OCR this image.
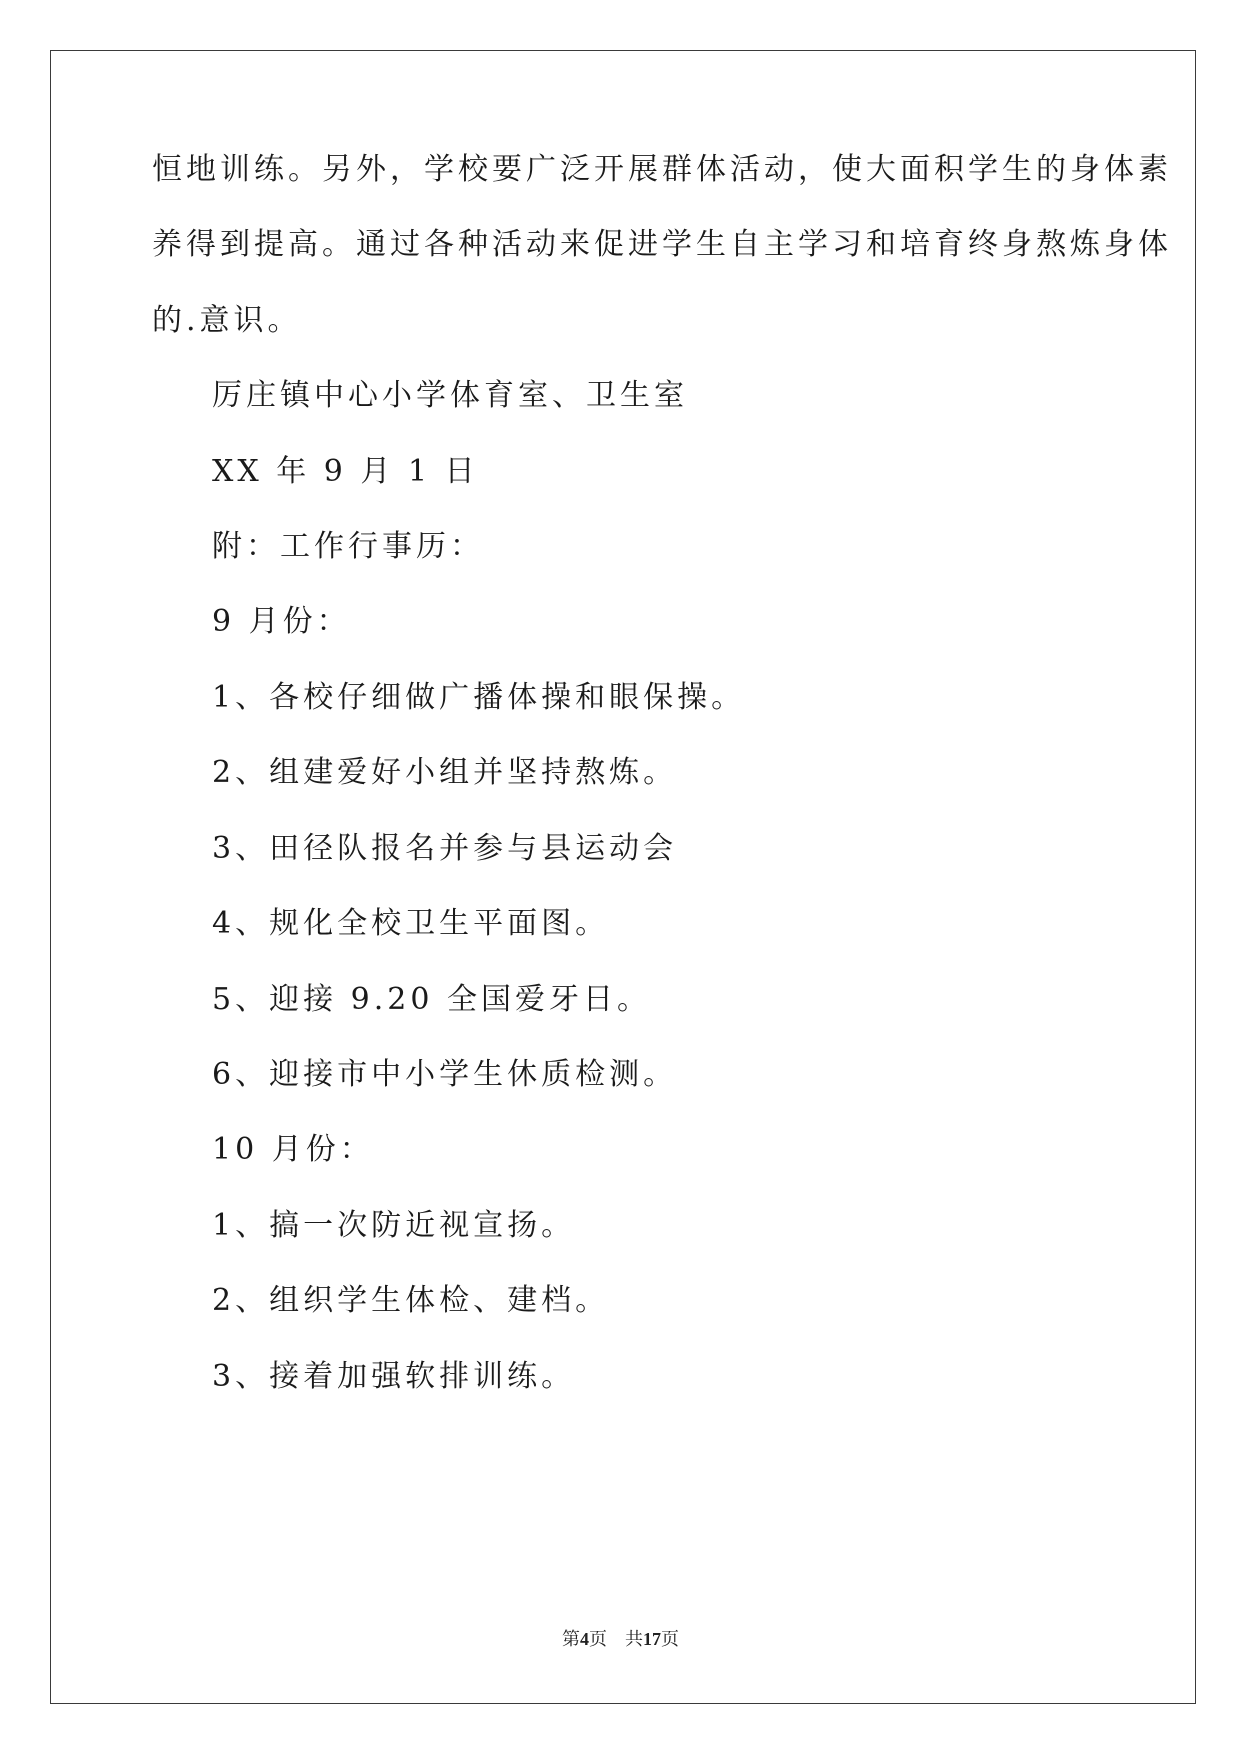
恒地训练。另外，学校要广泛开展群体活动，使大面积学生的身体素

养得到提高。通过各种活动来促进学生自主学习和培育终身熬炼身体

的.意识。

厉庄镇中心小学体育室、卫生室

XX 年 9 月 1 日

附：工作行事历：

9 月份：

1、各校仔细做广播体操和眼保操。

2、组建爱好小组并坚持熬炼。

3、田径队报名并参与县运动会

4、规化全校卫生平面图。

5、迎接 9.20 全国爱牙日。

6、迎接市中小学生休质检测。

10 月份：

1、搞一次防近视宣扬。

2、组织学生体检、建档。

3、接着加强软排训练。

第4页 共17页
